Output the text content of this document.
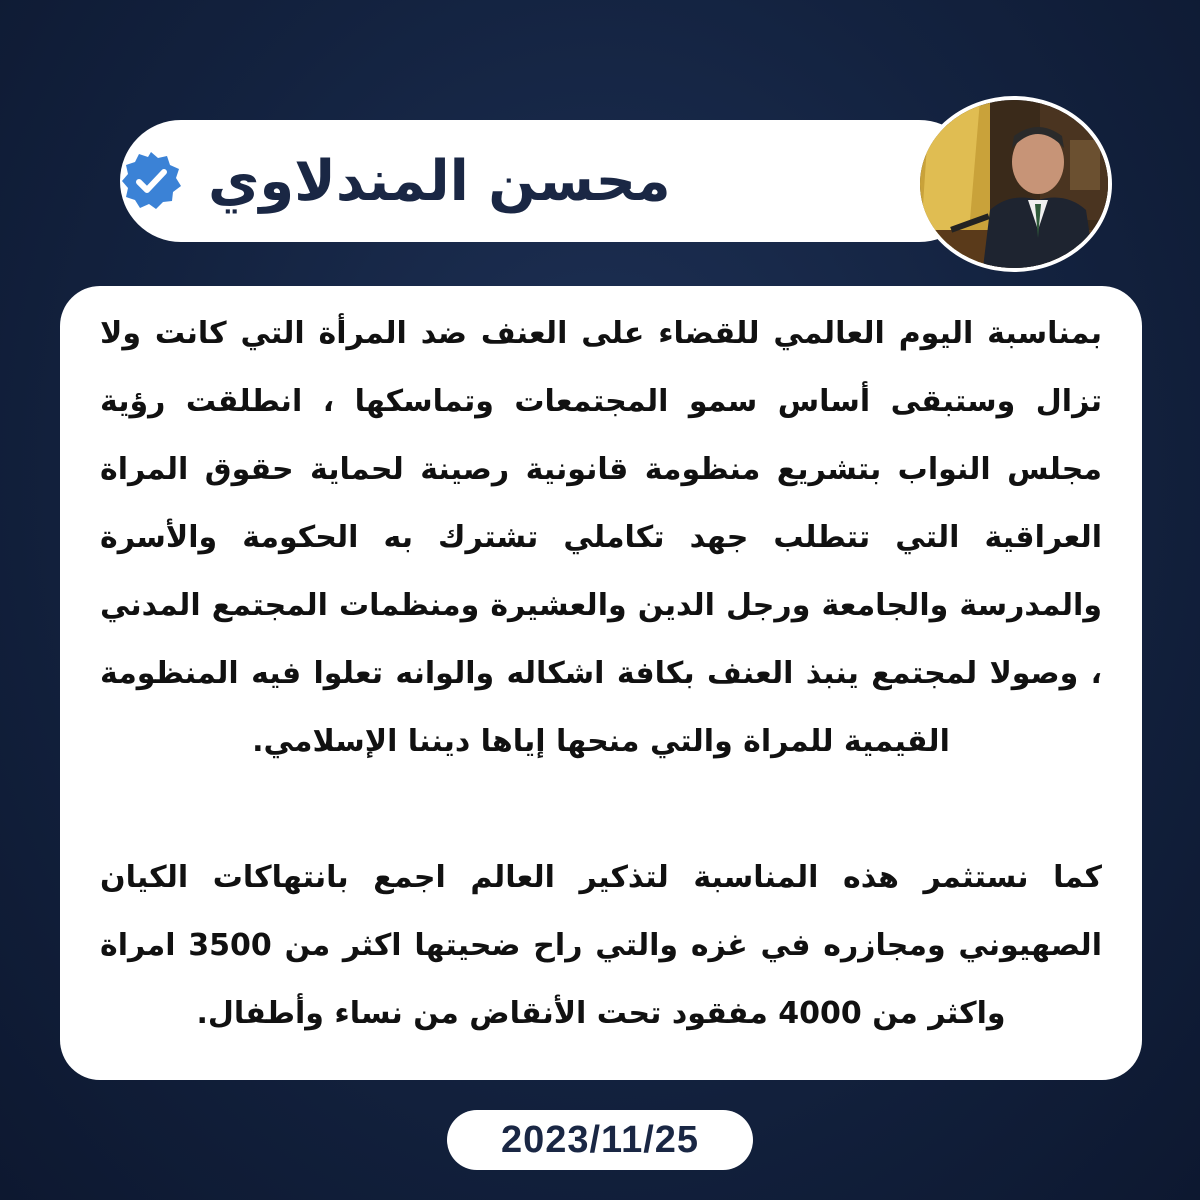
محسن المندلاوي

بمناسبة اليوم العالمي للقضاء على العنف ضد المرأة التي كانت ولا تزال وستبقى أساس سمو المجتمعات وتماسكها ، انطلقت رؤية مجلس النواب بتشريع منظومة قانونية رصينة لحماية حقوق المراة العراقية التي تتطلب جهد تكاملي تشترك به الحكومة والأسرة والمدرسة والجامعة ورجل الدين والعشيرة ومنظمات المجتمع المدني ، وصولا لمجتمع ينبذ العنف بكافة اشكاله والوانه تعلوا فيه المنظومة القيمية للمراة والتي منحها إياها ديننا الإسلامي.

كما نستثمر هذه المناسبة لتذكير العالم اجمع بانتهاكات الكيان الصهيوني ومجازره في غزه والتي راح ضحيتها اكثر من 3500 امراة واكثر من 4000 مفقود تحت الأنقاض من نساء وأطفال.

2023/11/25
